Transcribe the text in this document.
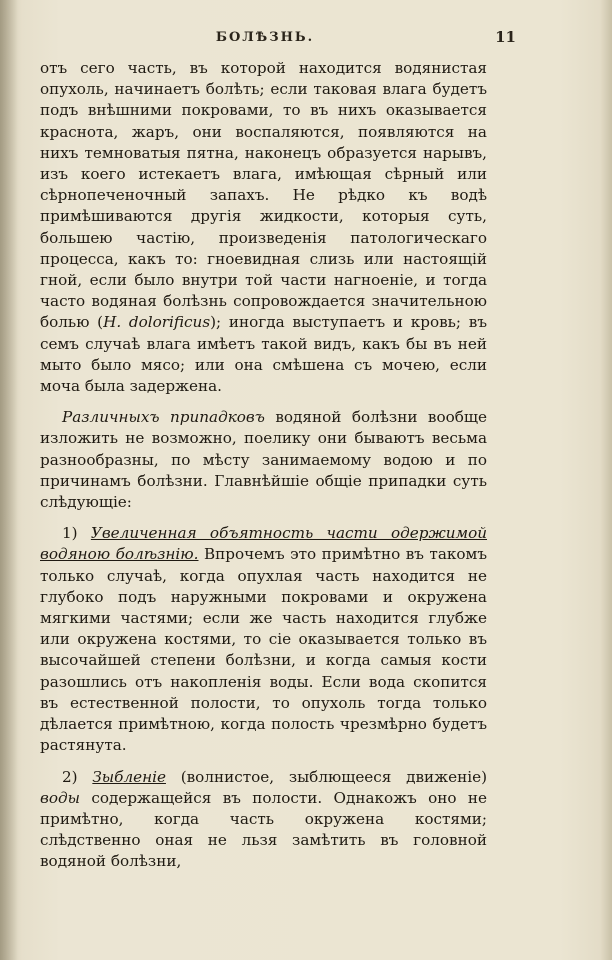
БОЛѢЗНЬ.	11

отъ сего часть, въ которой находится водянистая опухоль, начинаетъ болѣть; если таковая влага будетъ подъ внѣшними покровами, то въ нихъ оказывается краснота, жаръ, они воспаляются, появляются на нихъ темноватыя пятна, наконецъ образуется нарывъ, изъ коего истекаетъ влага, имѣющая сѣрный или сѣрнопеченочный запахъ. Не рѣдко къ водѣ примѣшиваются другія жидкости, которыя суть, большею частію, произведенія патологическаго процесса, какъ то: гноевидная слизь или настоящій гной, если было внутри той части нагноеніе, и тогда часто водяная болѣзнь сопровождается значительною болью (H. dolorificus); иногда выступаетъ и кровь; въ семъ случаѣ влага имѣетъ такой видъ, какъ бы въ ней мыто было мясо; или она смѣшена съ мочею, если моча была задержена.

Различныхъ припадковъ водяной болѣзни вообще изложить не возможно, поелику они бываютъ весьма разнообразны, по мѣсту занимаемому водою и по причинамъ болѣзни. Главнѣйшіе общіе припадки суть слѣдующіе:

1) Увеличенная объятность части одержимой водяною болѣзнію. Впрочемъ это примѣтно въ такомъ только случаѣ, когда опухлая часть находится не глубоко подъ наружными покровами и окружена мягкими частями; если же часть находится глубже или окружена костями, то сіе оказывается только въ высочайшей степени болѣзни, и когда самыя кости разошлись отъ накопленія воды. Если вода скопится въ естественной полости, то опухоль тогда только дѣлается примѣтною, когда полость чрезмѣрно будетъ растянута.

2) Зыбленіе (волнистое, зыблющееся движеніе) воды содержащейся въ полости. Однакожъ оно не примѣтно, когда часть окружена костями; слѣдственно оная не льзя замѣтить въ головной водяной болѣзни,
